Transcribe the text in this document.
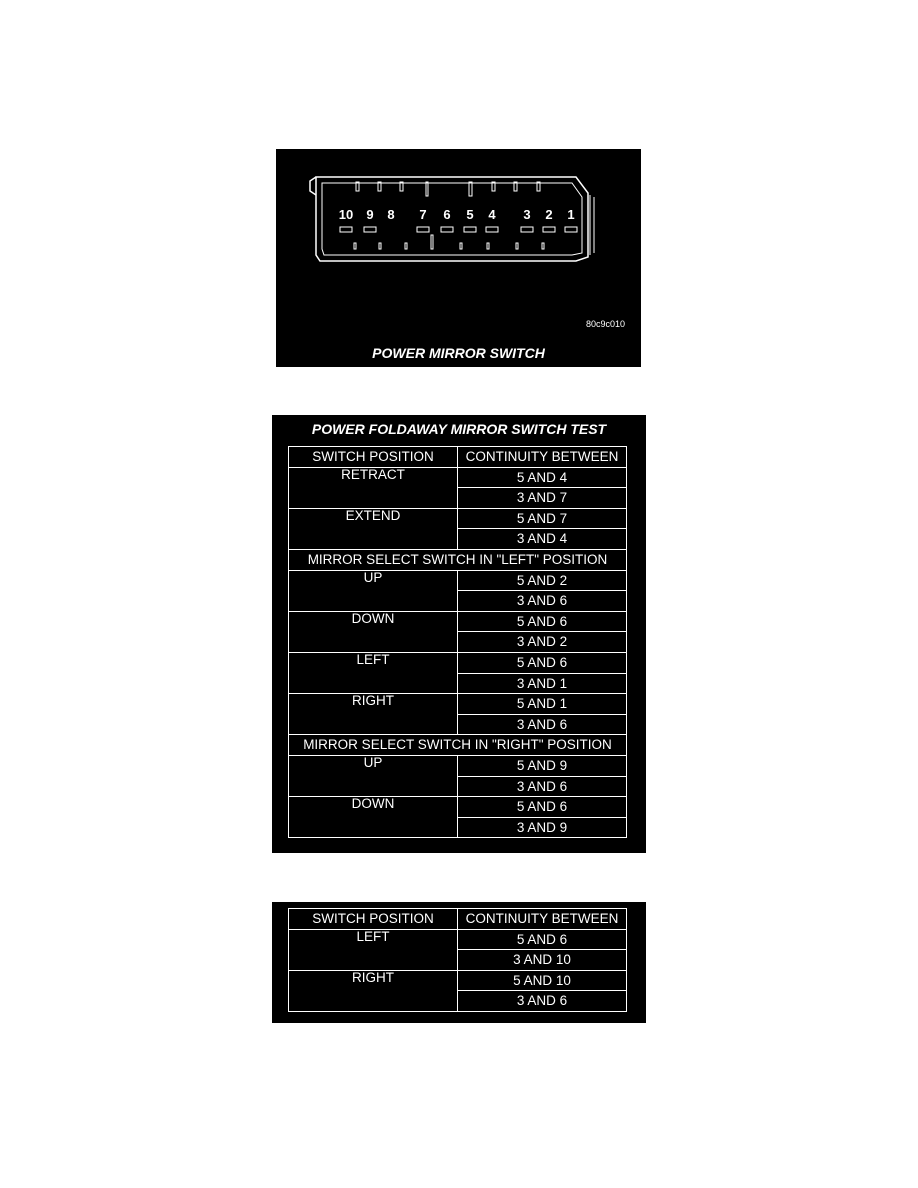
10 9 8 7 6 5 4 3 2 1
80c9c010
POWER MIRROR SWITCH
POWER FOLDAWAY MIRROR SWITCH TEST
SWITCH POSITION	CONTINUITY BETWEEN
RETRACT	5 AND 4
	3 AND 7
EXTEND	5 AND 7
	3 AND 4
MIRROR SELECT SWITCH IN "LEFT" POSITION	
UP	5 AND 2
	3 AND 6
DOWN	5 AND 6
	3 AND 2
LEFT	5 AND 6
	3 AND 1
RIGHT	5 AND 1
	3 AND 6
MIRROR SELECT SWITCH IN "RIGHT" POSITION	
UP	5 AND 9
	3 AND 6
DOWN	5 AND 6
	3 AND 9
SWITCH POSITION	CONTINUITY BETWEEN
LEFT	5 AND 6
	3 AND 10
RIGHT	5 AND 10
	3 AND 6
